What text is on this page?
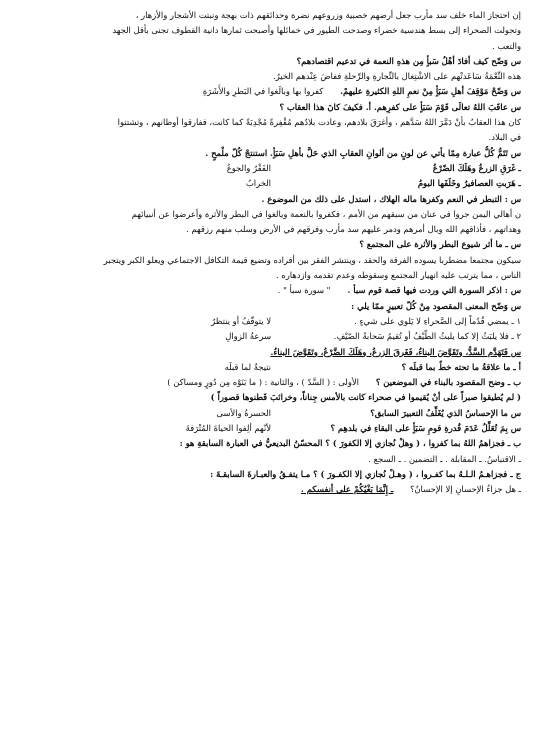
إن احتجاز الماء خلف سد مأرب جعل أرضهم خصبية وزروعهم نضرة وحدائقهم ذات بهجة ونبتت الأشجار والأزهار ،
وتحولت الصحراء إلى بسط هندسية خضراء وصدحت الطيور في خمائلها وأصبحت ثمارها دانية القطوف تجنى بأقل الجهد
والتعب .
س وَضّح كيف أفادَ أهْلُ سَبأٍ مِن هذهِ النعمة في تدعيم اقتصادهم؟
هذه النِّعْمَةُ سَاعَدتْهم على الاشْتِغال بالتِّجارةِ والرِّحلةِ ففاضَ عِنْدهم الخيرُ.
س وَضّحْ مَوْقِفَ أهلِ سَبَأٍ مِنْ نعمِ اللهِ الكثيرةِ عليهمْ. كفروا بها وبالَغوا في البَطرِ والأَشَرَةِ
س عاقَبَ اللهُ تعالَى قَوْمَ سَبَأٍ على كفرِهم. أ. فكيفَ كانَ هذا العقاب ؟
كان هذا العقابُ بأنْ دَمَّرَ اللهُ سَدَّهم ، وأغرَقَ بلادهم، وعادت بلادُهم مُقْفِرةً مُجْدِبَةً كما كانت، ففارقوا أوطانهم ، وتشتتوا
في البلاد.
س تَتَمُّ كُلُّ عبارة مِمّا يأتي عن لونٍ من ألوانِ العقابِ الذي حَلَّ بأهلِ سَبَأٍ. استنتجْ كُلّ ملْمحٍ .
ـ غَرَقِ الزرعُ وهَلَكَ الضّرْعُالفَقْرُ والجوعُ
ـ هَرَبتِ العصافيرُ وخَلَفَها البومُالخرابُ
س : التبطر في النعم وكفرها ماله الهلاك ، استدل على ذلك من الموضوع .
ن أهالي اليمن جروا في عنان من سبقهم من الأمم ، فكفروا بالنعمة وبالغوا في البطر والأثرة وأعرضوا عن أنبيائهم
وهداتهم ، فأذاقهم الله وبال أمرهم ودمر عليهم سد مأرب وفرقهم في الأرض وسلب منهم رزقهم .
س ـ ما أثر شيوع البطر والأثرة على المجتمع ؟
سيكون مجتمعا مضطربا يسوده الفرقة والحقد ، وينتشر الفقر بين أفراده وتضيع قيمة التكافل الاجتماعي ويعلو الكبر ويتجبر
الناس ، مما يترتب عليه انهيار المجتمع وسقوطه وعدم تقدمه وازدهاره .
س : اذكر السورة التي وردت فيها قصة قوم سبأ . " سورة سبأ " .
س وَضّح المعنى المقصود مِنْ كُلّ تعبيرٍ ممّا يلي :
١ ـ يمضي قُدُماً إلى الصَّحراءِ لا يَلوي على شيءٍ .لا يتوقّفُ أو ينتظرُ
٢ ـ فلا يلبَثُ إلا كما يلبثُ الطّيْفُ أو تُقيمُ سَحابةُ الصّيْفِ.سرعةُ الزوالِ
س فَتَهَدَّم السَّدُّ، وتَقَوَّضَ البناءُ، فَغَرقَ الزرعُ، وهَلَكَ الضَّرْعُ، وتَقَوَّضَ البناءُ.
أ ـ ما علاقةُ ما تحته خطٌ بما قبلَه ؟نتيجةٌ لما قبلَه
ب ـ وضح المقصود بالبناء في الموضعين ؟ الأولى : ( السَّدّ ) ، والثانية : ( ما بَنَوْه مِن دُورٍ ومساكن )
( لم يُطيقوا صبراً على أنْ يُقيموا في صحراء كانت بالأمس جِناناً، وخرائبَ قَطنوها قصوراً )
س ما الإحساسُ الذي يُغَلِّفُ التعبيرَ السابق؟الحسرةُ والأسى
س بِمَ تُعَلِّلُ عَدَمَ قُدرةِ قومِ سَبَأٍ على البقاءِ في بلدهِم ؟لأنّهم ألِفوا الحياةَ المُتْرَفةَ
ب ـ فجزاهمُ اللهُ بما كفروا ، ( وهلْ نُجازي إلا الكفورَ ) ؟ المحسّنُ البديعيُّ في العبارة السابقةِ هو :
ـ الاقتباسُ. ـ المقابلة . ـ التضمين . ـ السجع .
ج ـ فجزاهـمُ الـلـهُ بما كفـروا ، ( وهـلْ نُجازي إلا الكفـورَ ) ؟ مـا يتفـقُ والعبـارةَ السابقـةَ :
ـ هل جزاءُ الإحسانِ إلا الإحسانُ؟ ـ إِنَّمَا بَغْيُكُمْ على أنفسكم .
